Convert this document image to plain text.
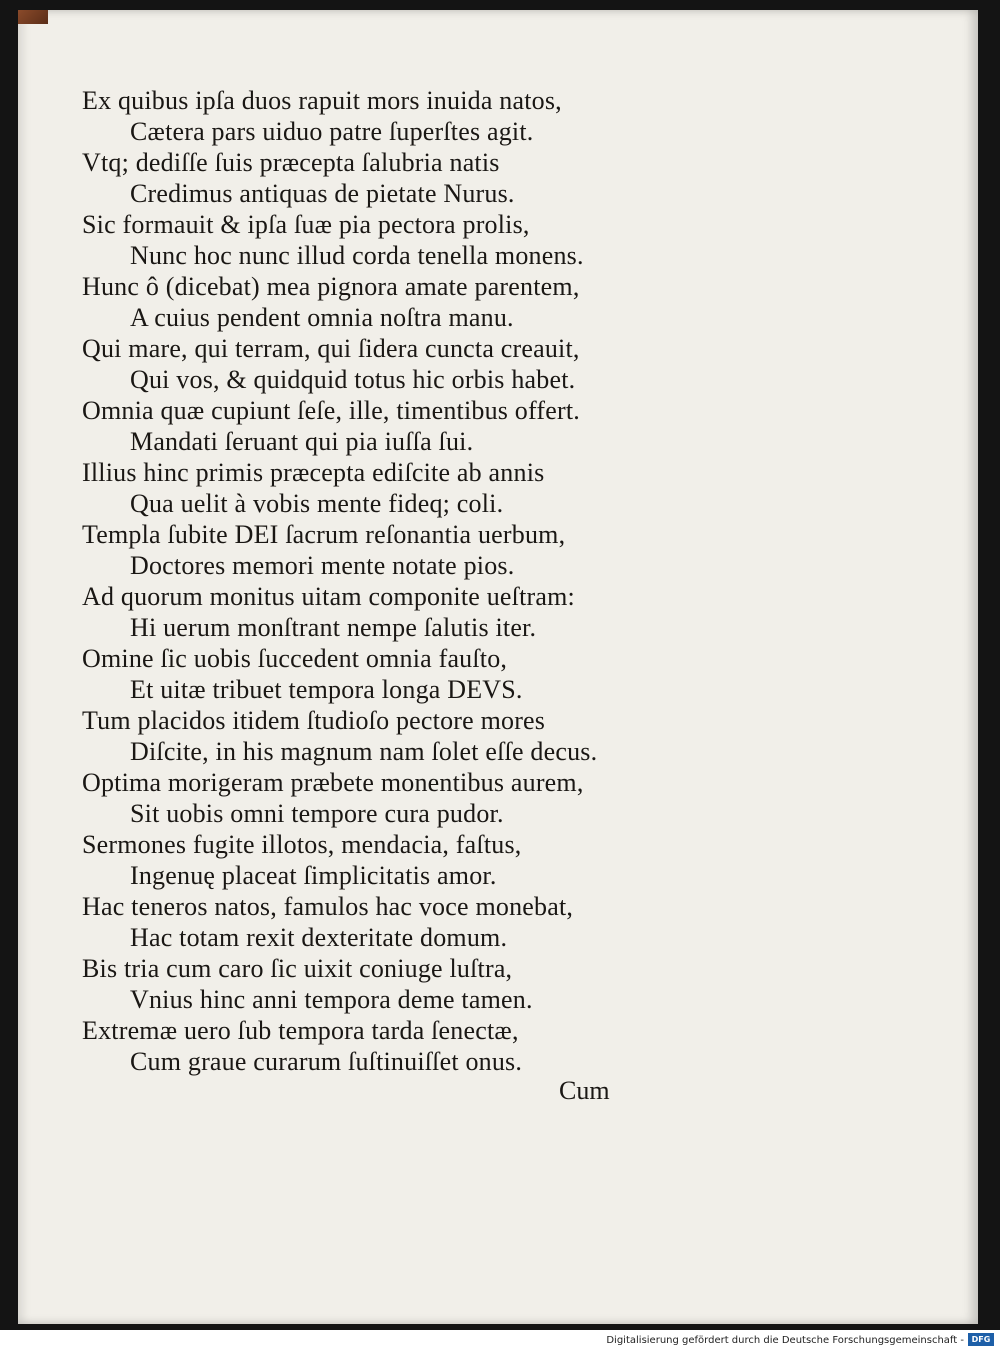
Ex quibus ipſa duos rapuit mors inuida natos,
Cætera pars uiduo patre ſuperſtes agit.
Vtq; dediſſe ſuis præcepta ſalubria natis
Credimus antiquas de pietate Nurus.
Sic formauit & ipſa ſuæ pia pectora prolis,
Nunc hoc nunc illud corda tenella monens.
Hunc ô (dicebat) mea pignora amate parentem,
A cuius pendent omnia noſtra manu.
Qui mare, qui terram, qui ſidera cuncta creauit,
Qui vos, & quidquid totus hic orbis habet.
Omnia quæ cupiunt ſeſe, ille, timentibus offert.
Mandati ſeruant qui pia iuſſa ſui.
Illius hinc primis præcepta ediſcite ab annis
Qua uelit à vobis mente fideq; coli.
Templa ſubite DEI ſacrum reſonantia uerbum,
Doctores memori mente notate pios.
Ad quorum monitus uitam componite ueſtram:
Hi uerum monſtrant nempe ſalutis iter.
Omine ſic uobis ſuccedent omnia fauſto,
Et uitæ tribuet tempora longa DEVS.
Tum placidos itidem ſtudioſo pectore mores
Diſcite, in his magnum nam ſolet eſſe decus.
Optima morigeram præbete monentibus aurem,
Sit uobis omni tempore cura pudor.
Sermones fugite illotos, mendacia, faſtus,
Ingenuę placeat ſimplicitatis amor.
Hac teneros natos, famulos hac voce monebat,
Hac totam rexit dexteritate domum.
Bis tria cum caro ſic uixit coniuge luſtra,
Vnius hinc anni tempora deme tamen.
Extremæ uero ſub tempora tarda ſenectæ,
Cum graue curarum ſuſtinuiſſet onus.
Cum
Digitalisierung gefördert durch die Deutsche Forschungsgemeinschaft - DFG
